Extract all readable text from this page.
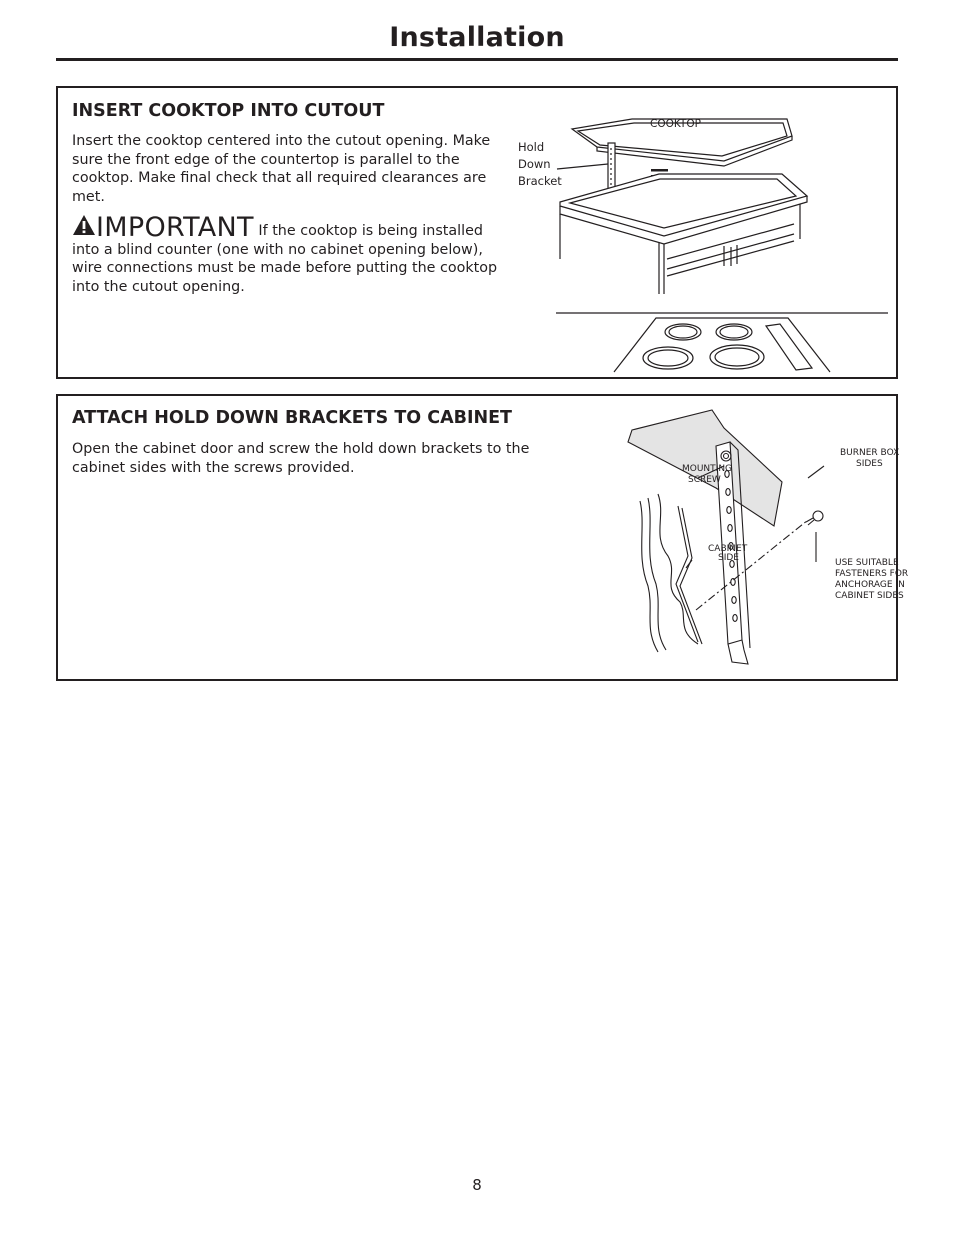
Installation
INSERT COOKTOP INTO CUTOUT

Insert the cooktop centered into the cutout opening. Make sure the front edge of the countertop is parallel to the cooktop. Make final check that all required clearances are met.

IMPORTANT If the cooktop is being installed into a blind counter (one with no cabinet opening below), wire connections must be made before putting the cooktop into the cutout opening.

COOKTOP
Hold
Down
Bracket
ATTACH HOLD DOWN BRACKETS TO CABINET

Open the cabinet door and screw the hold down brackets to the cabinet sides with the screws provided.	MOUNTING
SCREW
BURNER BOX
SIDES
CABINET
SIDE	USE SUITABLE
FASTENERS FOR
ANCHORAGE IN
CABINET SIDES
8
